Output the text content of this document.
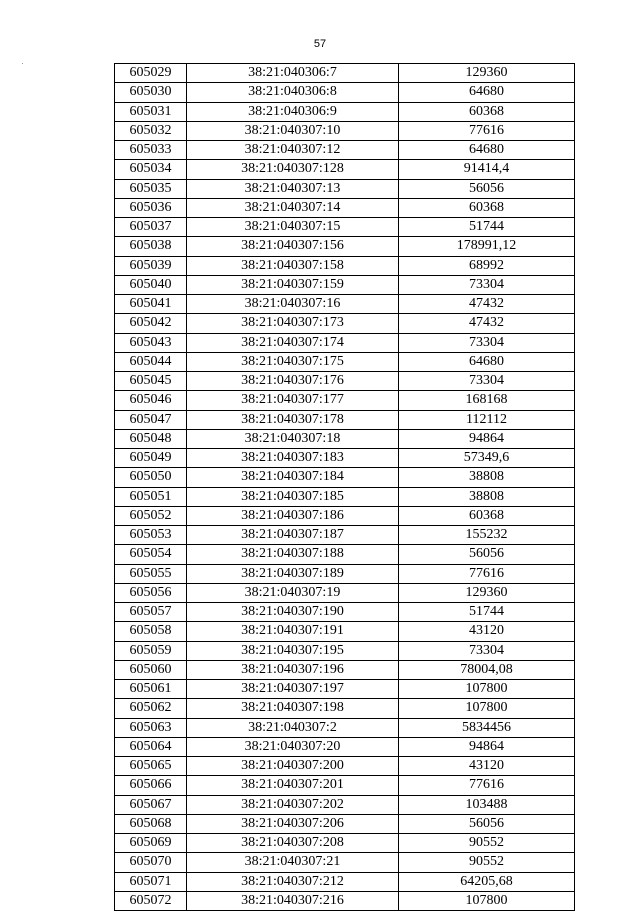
57
605029	38:21:040306:7	129360
605030	38:21:040306:8	64680
605031	38:21:040306:9	60368
605032	38:21:040307:10	77616
605033	38:21:040307:12	64680
605034	38:21:040307:128	91414,4
605035	38:21:040307:13	56056
605036	38:21:040307:14	60368
605037	38:21:040307:15	51744
605038	38:21:040307:156	178991,12
605039	38:21:040307:158	68992
605040	38:21:040307:159	73304
605041	38:21:040307:16	47432
605042	38:21:040307:173	47432
605043	38:21:040307:174	73304
605044	38:21:040307:175	64680
605045	38:21:040307:176	73304
605046	38:21:040307:177	168168
605047	38:21:040307:178	112112
605048	38:21:040307:18	94864
605049	38:21:040307:183	57349,6
605050	38:21:040307:184	38808
605051	38:21:040307:185	38808
605052	38:21:040307:186	60368
605053	38:21:040307:187	155232
605054	38:21:040307:188	56056
605055	38:21:040307:189	77616
605056	38:21:040307:19	129360
605057	38:21:040307:190	51744
605058	38:21:040307:191	43120
605059	38:21:040307:195	73304
605060	38:21:040307:196	78004,08
605061	38:21:040307:197	107800
605062	38:21:040307:198	107800
605063	38:21:040307:2	5834456
605064	38:21:040307:20	94864
605065	38:21:040307:200	43120
605066	38:21:040307:201	77616
605067	38:21:040307:202	103488
605068	38:21:040307:206	56056
605069	38:21:040307:208	90552
605070	38:21:040307:21	90552
605071	38:21:040307:212	64205,68
605072	38:21:040307:216	107800
